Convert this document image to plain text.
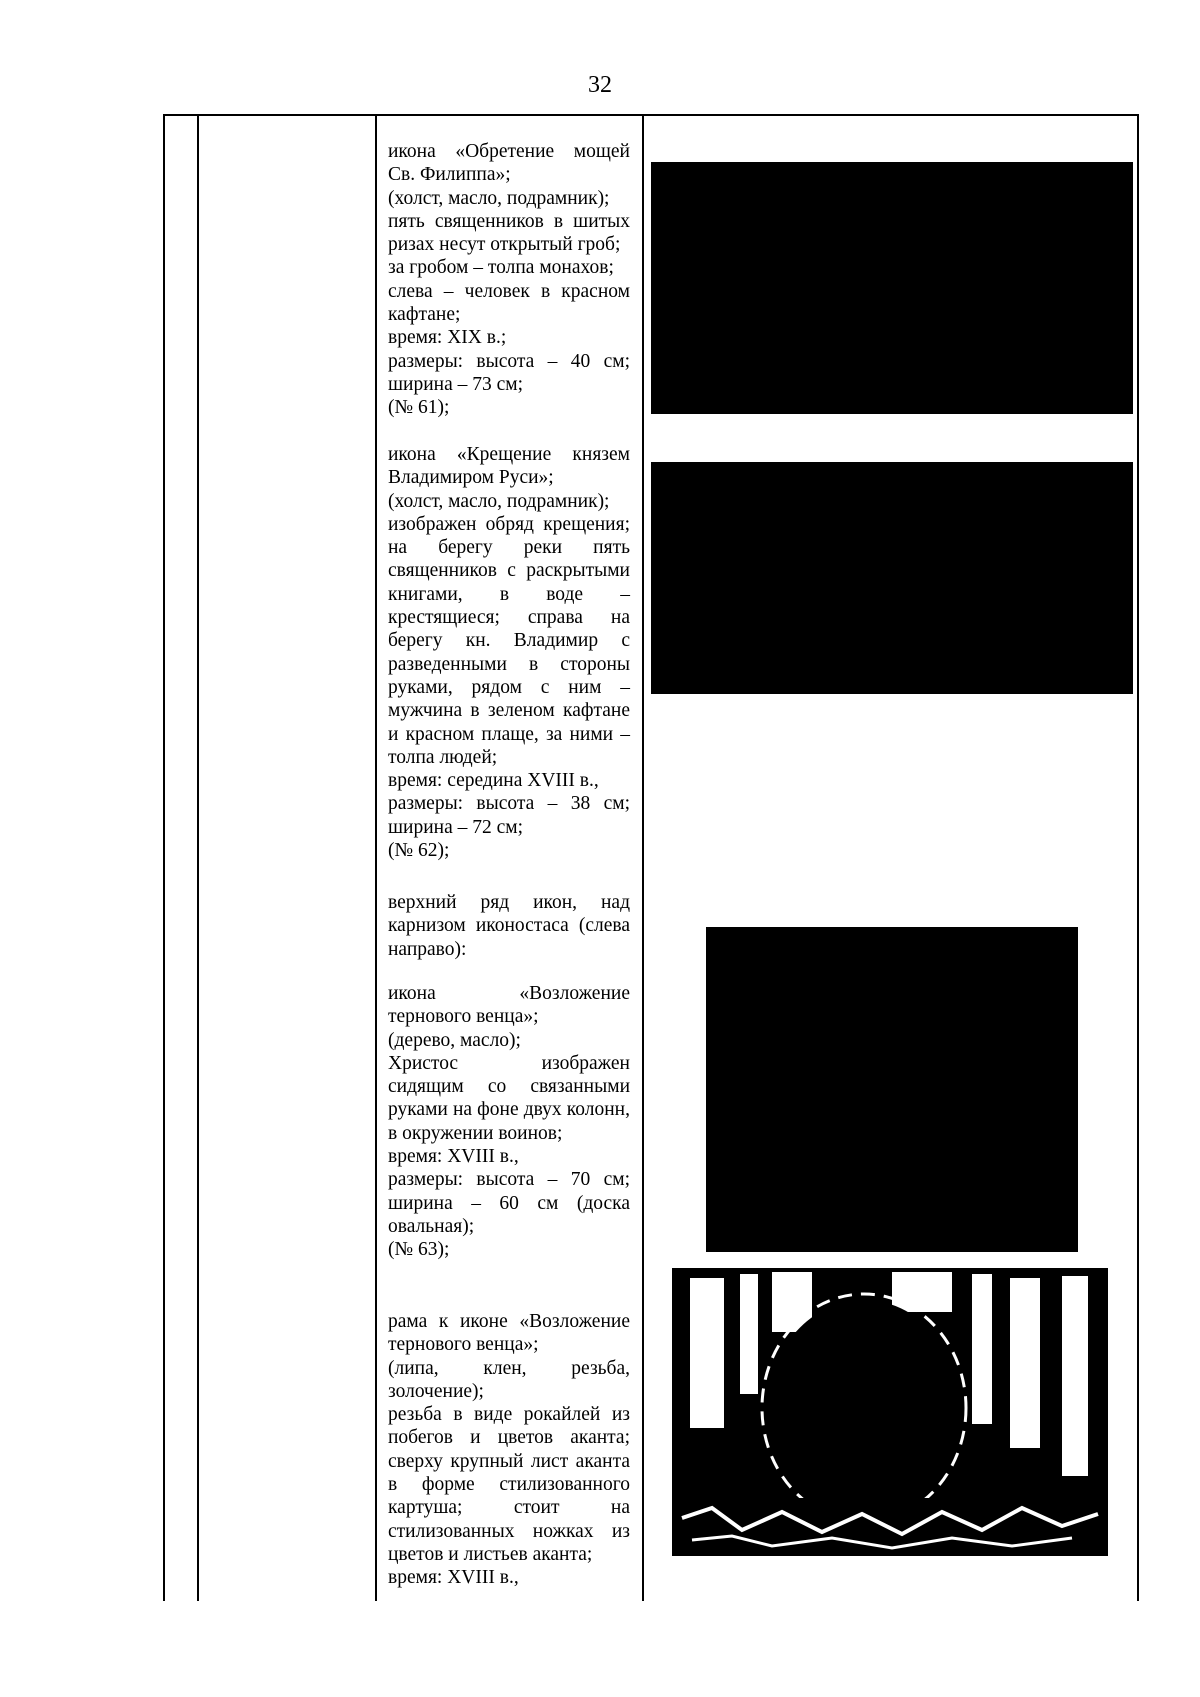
32

икона «Обретение мощей Св. Филиппа»;

(холст, масло, подрамник);

пять священников в шитых ризах несут открытый гроб;

за гробом – толпа монахов;

слева – человек в красном кафтане;

время: XIX в.;

размеры: высота – 40 см; ширина – 73 см;

(№ 61);

икона «Крещение князем Владимиром Руси»;

(холст, масло, подрамник);

изображен обряд крещения; на берегу реки пять священников с раскрытыми книгами, в воде – крестящиеся; справа на берегу кн. Владимир с разведенными в стороны руками, рядом с ним – мужчина в зеленом кафтане и красном плаще, за ними – толпа людей;

время: середина XVIII в.,

размеры: высота – 38 см; ширина – 72 см;

(№ 62);

верхний ряд икон, над карнизом иконостаса (слева направо):

икона «Возложение тернового венца»;

(дерево, масло);

Христос изображен сидящим со связанными руками на фоне двух колонн, в окружении воинов;

время: XVIII в.,

размеры: высота – 70 см; ширина – 60 см (доска овальная);

(№ 63);

рама к иконе «Возложение тернового венца»;

(липа, клен, резьба, золочение);

резьба в виде рокайлей из побегов и цветов аканта; сверху крупный лист аканта в форме стилизованного картуша; стоит на стилизованных ножках из цветов и листьев аканта;

время: XVIII в.,
